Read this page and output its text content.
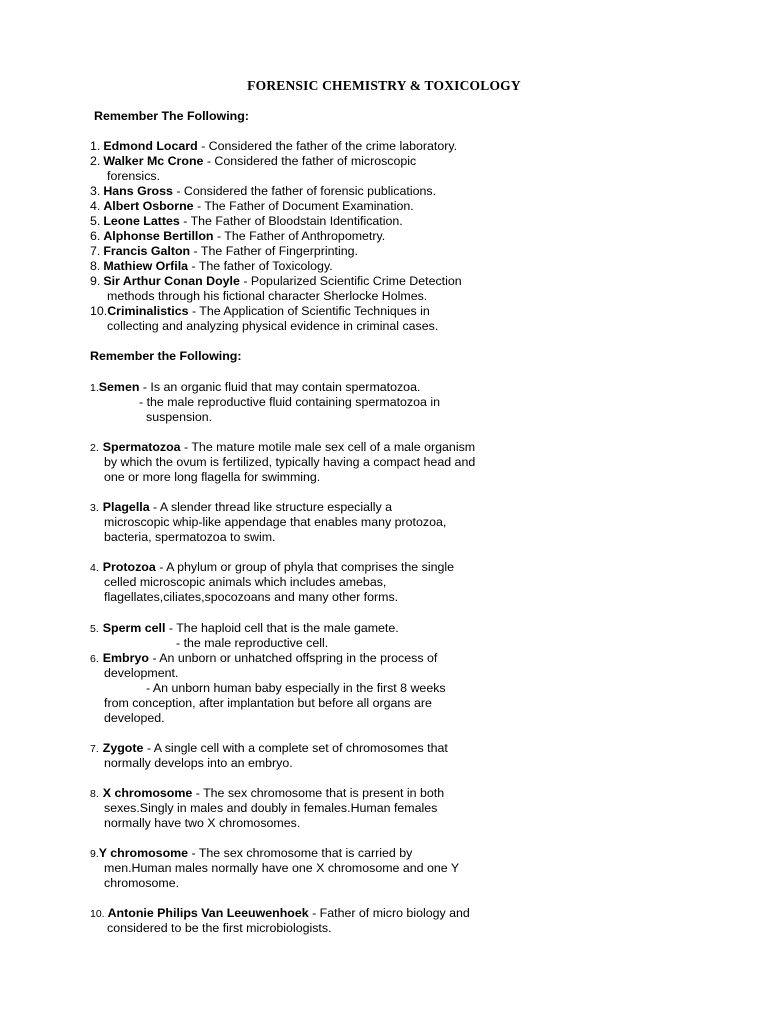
FORENSIC CHEMISTRY & TOXICOLOGY
Remember The Following:
1. Edmond Locard - Considered the father of the crime laboratory.
2. Walker Mc Crone - Considered the father of microscopic
forensics.
3. Hans Gross - Considered the father of forensic publications.
4. Albert Osborne - The Father of Document Examination.
5. Leone Lattes - The Father of Bloodstain Identification.
6. Alphonse Bertillon - The Father of Anthropometry.
7. Francis Galton - The Father of Fingerprinting.
8. Mathiew Orfila - The father of Toxicology.
9. Sir Arthur Conan Doyle - Popularized Scientific Crime Detection
methods through his fictional character Sherlocke Holmes.
10.Criminalistics - The Application of Scientific Techniques in
collecting and analyzing physical evidence in criminal cases.
Remember the Following:
1.Semen - Is an organic fluid that may contain spermatozoa.
- the male reproductive fluid containing spermatozoa in
suspension.
2. Spermatozoa - The mature motile male sex cell of a male organism
by which the ovum is fertilized, typically having a compact head and
one or more long flagella for swimming.
3. Plagella - A slender thread like structure especially a
microscopic whip-like appendage that enables many protozoa,
bacteria, spermatozoa to swim.
4. Protozoa - A phylum or group of phyla that comprises the single
celled microscopic animals which includes amebas,
flagellates,ciliates,spocozoans and many other forms.
5. Sperm cell - The haploid cell that is the male gamete.
- the male reproductive cell.
6. Embryo - An unborn or unhatched offspring in the process of
development.
- An unborn human baby especially in the first 8 weeks
from conception, after implantation but before all organs are
developed.
7. Zygote - A single cell with a complete set of chromosomes that
normally develops into an embryo.
8. X chromosome - The sex chromosome that is present in both
sexes.Singly in males and doubly in females.Human females
normally have two X chromosomes.
9.Y chromosome - The sex chromosome that is carried by
men.Human males normally have one X chromosome and one Y
chromosome.
10. Antonie Philips Van Leeuwenhoek - Father of micro biology and
considered to be the first microbiologists.
